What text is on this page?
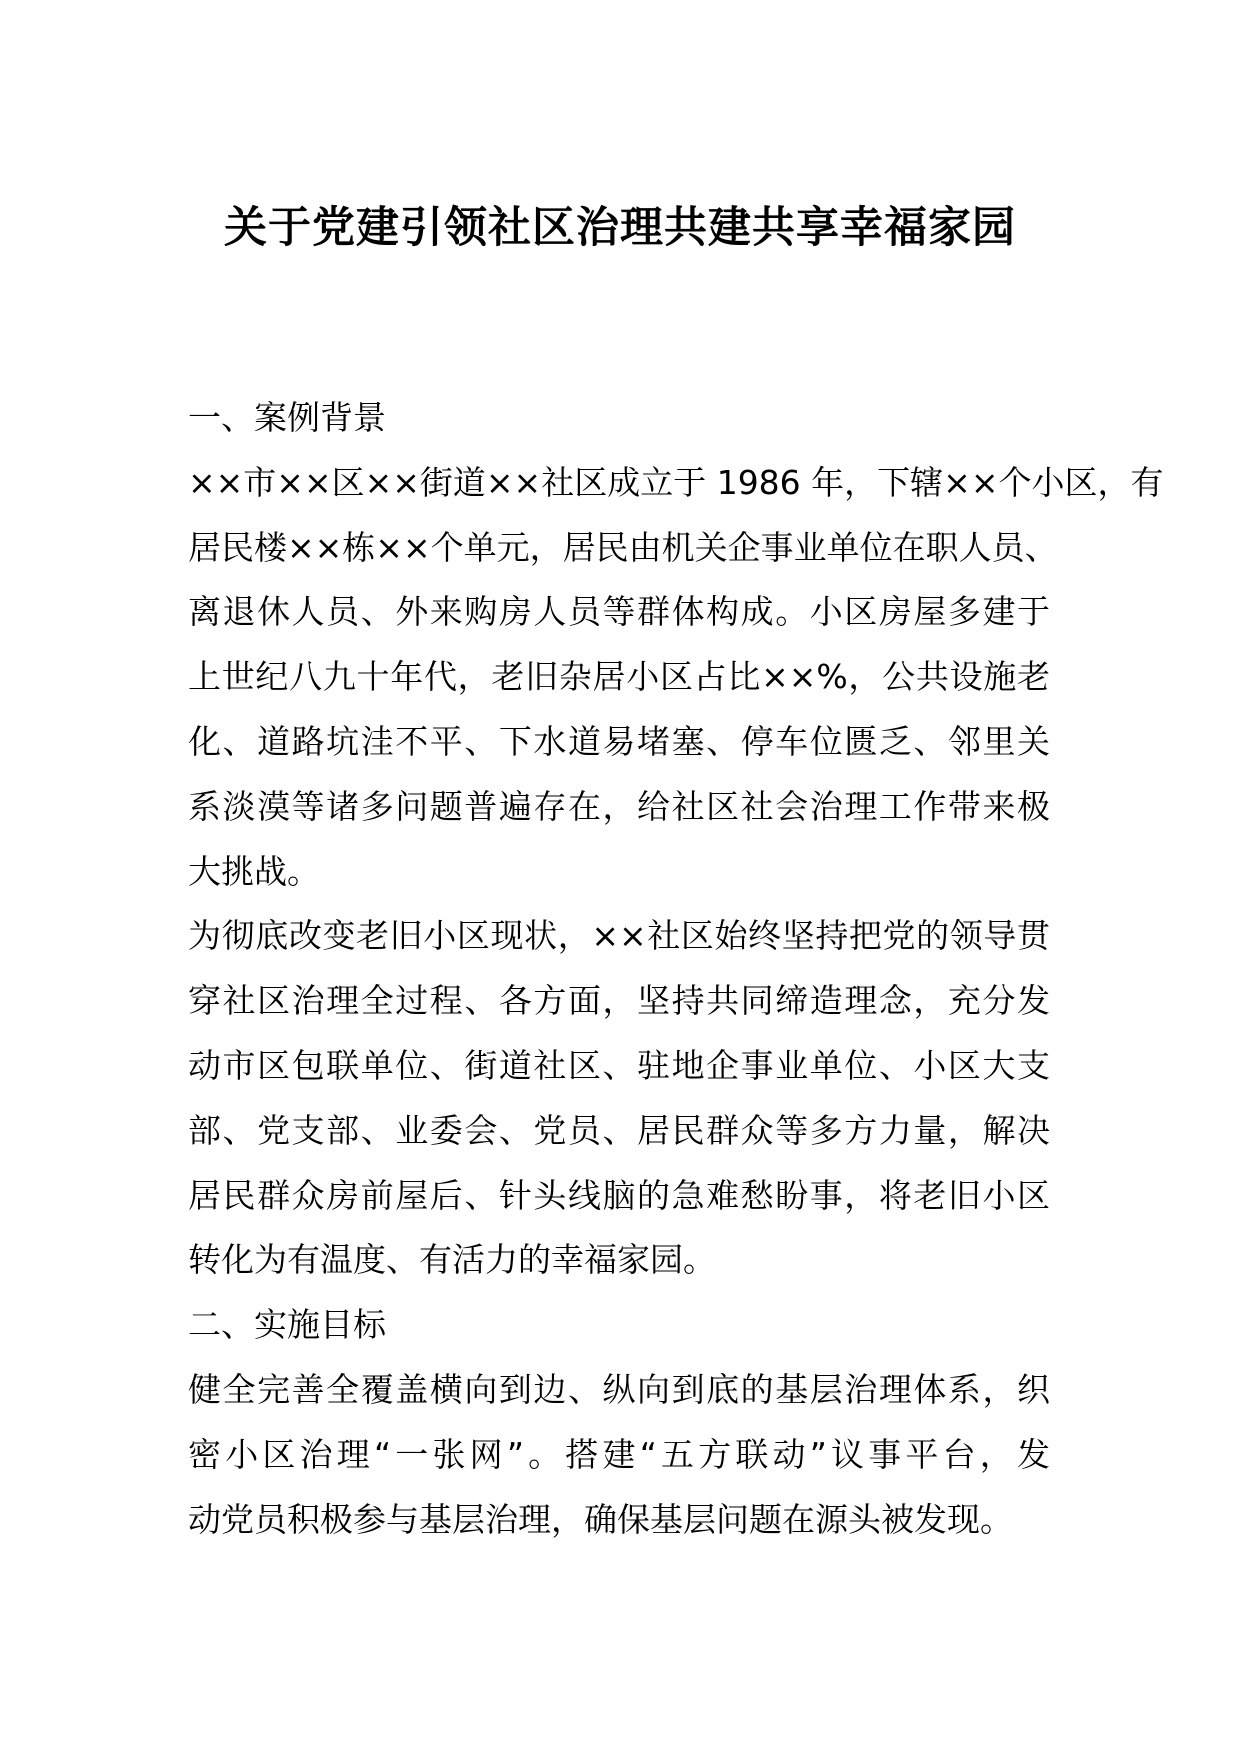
关于党建引领社区治理共建共享幸福家园
一、案例背景
××市××区××街道××社区成立于 1986 年，下辖××个小区，有
居民楼××栋××个单元，居民由机关企事业单位在职人员、
离退休人员、外来购房人员等群体构成。小区房屋多建于
上世纪八九十年代，老旧杂居小区占比××%，公共设施老
化、道路坑洼不平、下水道易堵塞、停车位匮乏、邻里关
系淡漠等诸多问题普遍存在，给社区社会治理工作带来极
大挑战。
为彻底改变老旧小区现状，××社区始终坚持把党的领导贯
穿社区治理全过程、各方面，坚持共同缔造理念，充分发
动市区包联单位、街道社区、驻地企事业单位、小区大支
部、党支部、业委会、党员、居民群众等多方力量，解决
居民群众房前屋后、针头线脑的急难愁盼事，将老旧小区
转化为有温度、有活力的幸福家园。
二、实施目标
健全完善全覆盖横向到边、纵向到底的基层治理体系，织
密小区治理“一张网”。搭建“五方联动”议事平台，发
动党员积极参与基层治理，确保基层问题在源头被发现。
